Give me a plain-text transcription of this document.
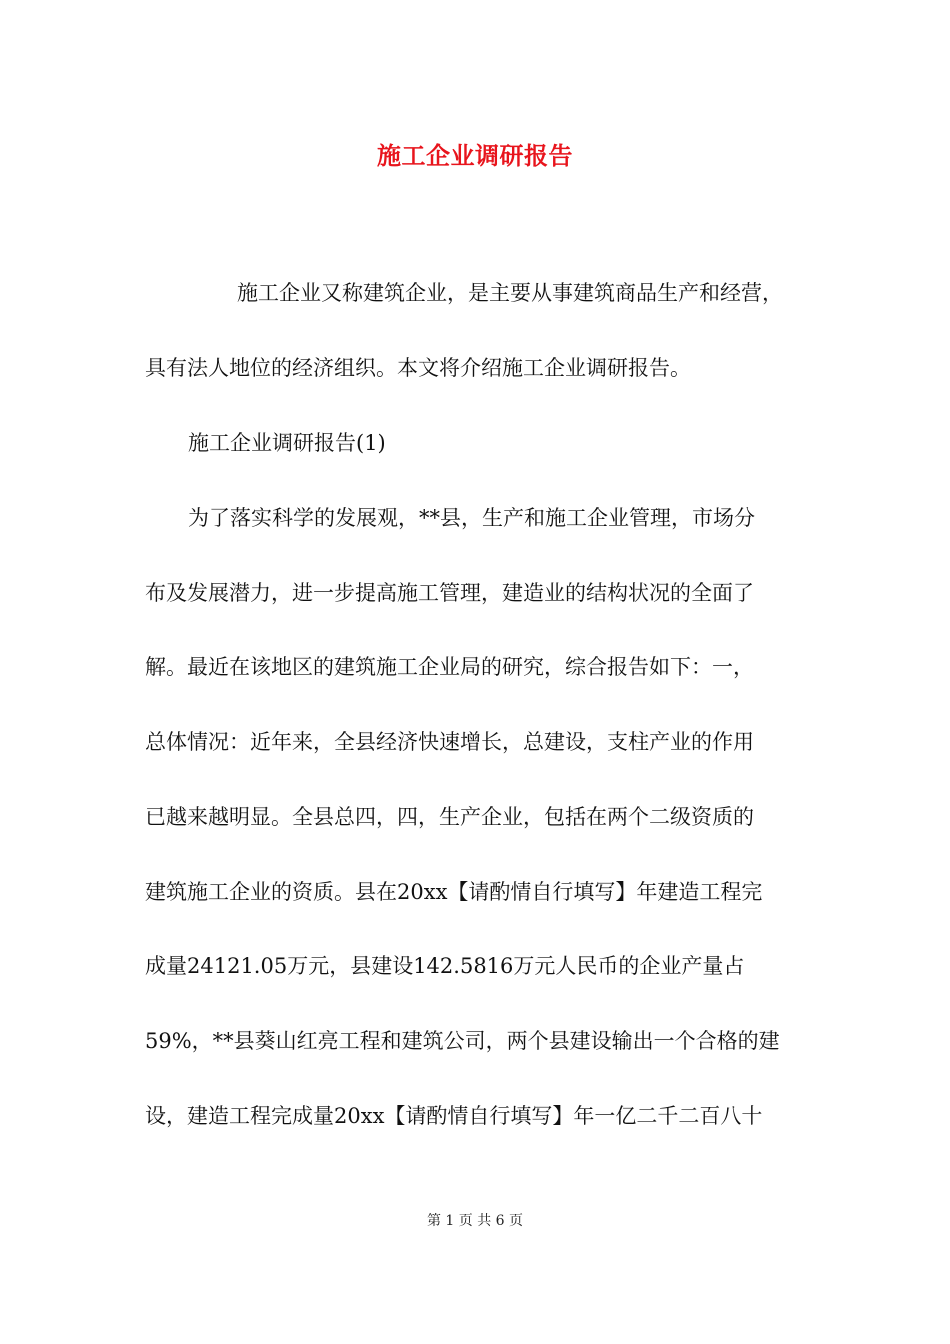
施工企业调研报告
施工企业又称建筑企业，是主要从事建筑商品生产和经营，
具有法人地位的经济组织。本文将介绍施工企业调研报告。
施工企业调研报告(1)
为了落实科学的发展观，**县，生产和施工企业管理，市场分
布及发展潜力，进一步提高施工管理，建造业的结构状况的全面了
解。最近在该地区的建筑施工企业局的研究，综合报告如下：一，
总体情况：近年来，全县经济快速增长，总建设，支柱产业的作用
已越来越明显。全县总四，四，生产企业，包括在两个二级资质的
建筑施工企业的资质。县在20xx【请酌情自行填写】年建造工程完
成量24121.05万元，县建设142.5816万元人民币的企业产量占
59%，**县葵山红亮工程和建筑公司，两个县建设输出一个合格的建
设，建造工程完成量20xx【请酌情自行填写】年一亿二千二百八十
第 1 页 共 6 页
